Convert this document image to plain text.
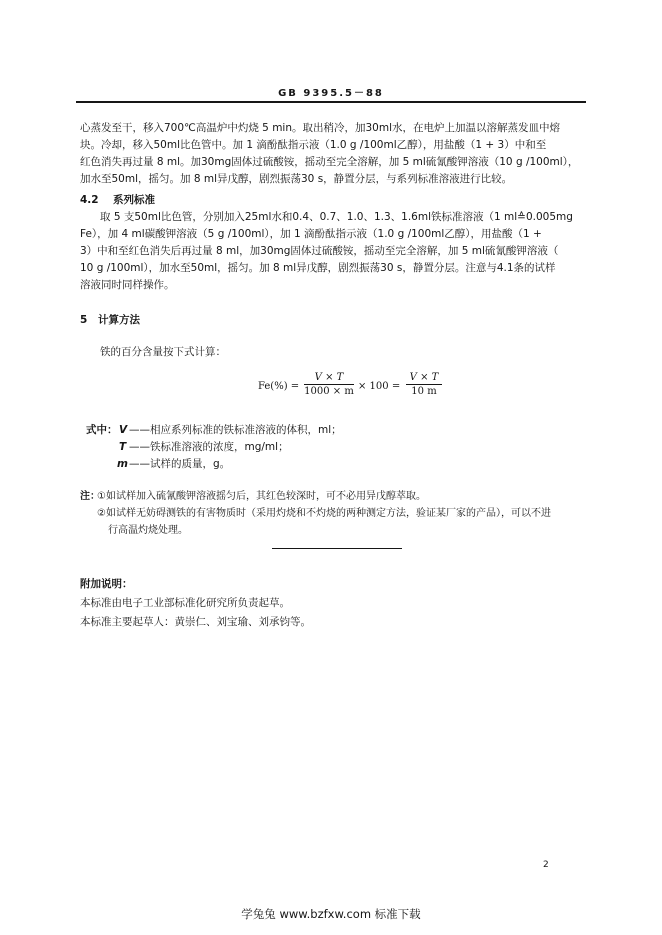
GB 9395.5－88
心蒸发至干，移入700℃高温炉中灼烧 5 min。取出稍冷，加30ml水，在电炉上加温以溶解蒸发皿中熔
块。冷却，移入50ml比色管中。加 1 滴酚酞指示液（1.0 g /100ml乙醇），用盐酸（1 + 3）中和至
红色消失再过量 8 ml。加30mg固体过硫酸铵，摇动至完全溶解，加 5 ml硫氰酸钾溶液（10 g /100ml），
加水至50ml，摇匀。加 8 ml异戊醇，剧烈振荡30 s，静置分层，与系列标准溶液进行比较。
4.2 系列标准
取 5 支50ml比色管，分别加入25ml水和0.4、0.7、1.0、1.3、1.6ml铁标准溶液（1 ml≙0.005mg
Fe），加 4 ml碳酸钾溶液（5 g /100ml），加 1 滴酚酞指示液（1.0 g /100ml乙醇），用盐酸（1 +
3）中和至红色消失后再过量 8 ml，加30mg固体过硫酸铵，摇动至完全溶解，加 5 ml硫氰酸钾溶液（
10 g /100ml），加水至50ml，摇匀。加 8 ml异戊醇，剧烈振荡30 s，静置分层。注意与4.1条的试样
溶液同时同样操作。
5 计算方法
铁的百分含量按下式计算：
Fe(%) =
V × T
1000 × m × 100 =
V × T
10 m
式中： V ——相应系列标准的铁标准溶液的体积，ml；
T ——铁标准溶液的浓度，mg/ml；
m ——试样的质量，g。
注：
①如试样加入硫氰酸钾溶液摇匀后，其红色较深时，可不必用异戊醇萃取。
②如试样无妨碍测铁的有害物质时（采用灼烧和不灼烧的两种测定方法，验证某厂家的产品），可以不进
行高温灼烧处理。
附加说明：
本标准由电子工业部标准化研究所负责起草。
本标准主要起草人：黄崇仁、刘宝瑜、刘承钧等。
2
学兔兔 www.bzfxw.com 标准下载
